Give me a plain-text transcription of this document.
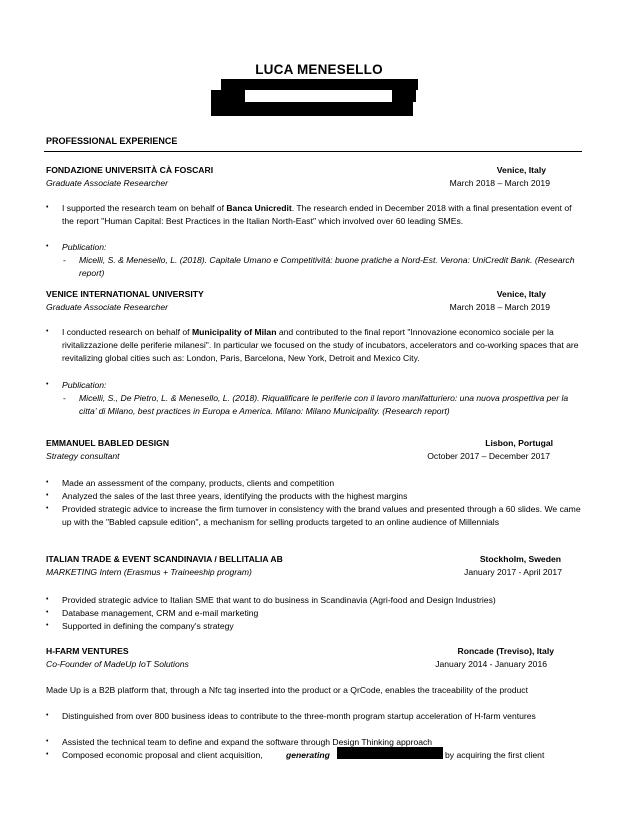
LUCA MENESELLO
PROFESSIONAL EXPERIENCE
FONDAZIONE UNIVERSITÀ CÀ FOSCARI	Venice, Italy
Graduate Associate Researcher	March 2018 – March 2019
• I supported the research team on behalf of Banca Unicredit. The research ended in December 2018 with a final presentation event of the report "Human Capital: Best Practices in the Italian North-East" which involved over 60 leading SMEs.
• Publication:
- Micelli, S. & Menesello, L. (2018). Capitale Umano e Competitività: buone pratiche a Nord-Est. Verona: UniCredit Bank. (Research report)
VENICE INTERNATIONAL UNIVERSITY	Venice, Italy
Graduate Associate Researcher	March 2018 – March 2019
• I conducted research on behalf of Municipality of Milan and contributed to the final report "Innovazione economico sociale per la rivitalizzazione delle periferie milanesi". In particular we focused on the study of incubators, accelerators and co-working spaces that are revitalizing global cities such as: London, Paris, Barcelona, New York, Detroit and Mexico City.
• Publication:
- Micelli, S., De Pietro, L. & Menesello, L. (2018). Riqualificare le periferie con il lavoro manifatturiero: una nuova prospettiva per la citta’ di Milano, best practices in Europa e America. Milano: Milano Municipality. (Research report)
EMMANUEL BABLED DESIGN	Lisbon, Portugal
Strategy consultant	October 2017 – December 2017
• Made an assessment of the company, products, clients and competition
• Analyzed the sales of the last three years, identifying the products with the highest margins
• Provided strategic advice to increase the firm turnover in consistency with the brand values and presented through a 60 slides. We came up with the "Babled capsule edition", a mechanism for selling products targeted to an online audience of Millennials
ITALIAN TRADE & EVENT SCANDINAVIA / BELLITALIA AB	Stockholm, Sweden
MARKETING Intern (Erasmus + Traineeship program)	January 2017 - April 2017
• Provided strategic advice to Italian SME that want to do business in Scandinavia (Agri-food and Design Industries)
• Database management, CRM and e-mail marketing
• Supported in defining the company's strategy
H-FARM VENTURES	Roncade (Treviso), Italy
Co-Founder of MadeUp IoT Solutions	January 2014 - January 2016
Made Up is a B2B platform that, through a Nfc tag inserted into the product or a QrCode, enables the traceability of the product
• Distinguished from over 800 business ideas to contribute to the three-month program startup acceleration of H-farm ventures
• Assisted the technical team to define and expand the software through Design Thinking approach
• Composed economic proposal and client acquisition,	generating	by acquiring the first client
